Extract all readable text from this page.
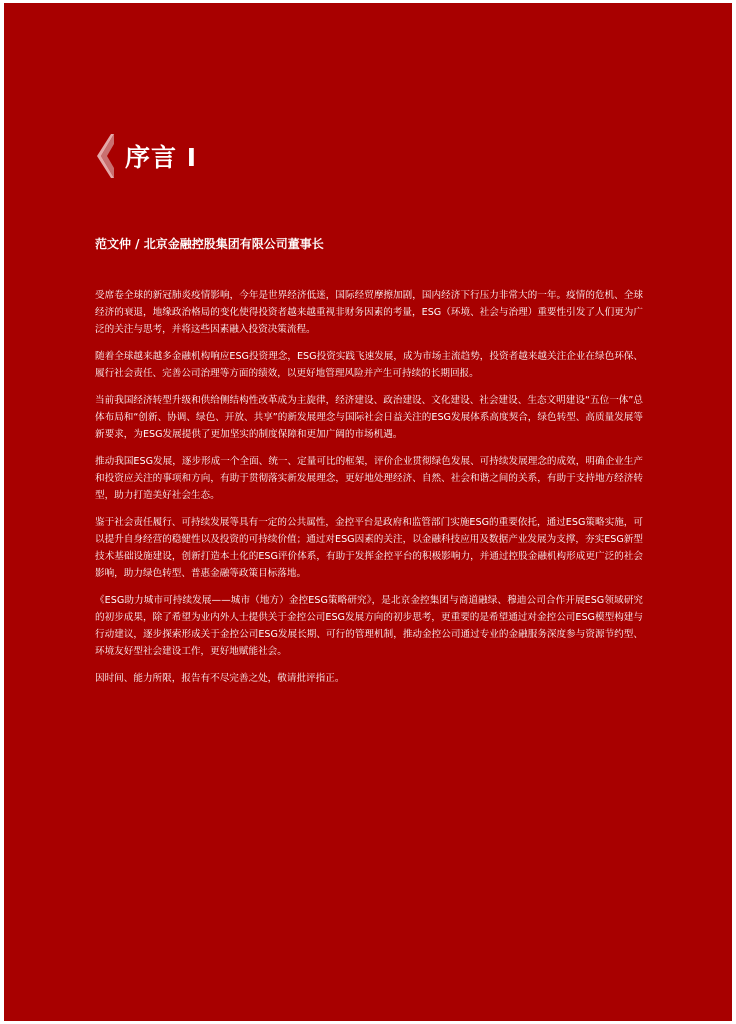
序言 I
范文仲 / 北京金融控股集团有限公司董事长

受席卷全球的新冠肺炎疫情影响，今年是世界经济低迷，国际经贸摩擦加剧，国内经济下行压力非常大的一年。疫情的危机、全球经济的衰退，地缘政治格局的变化使得投资者越来越重视非财务因素的考量，ESG（环境、社会与治理）重要性引发了人们更为广泛的关注与思考，并将这些因素融入投资决策流程。

随着全球越来越多金融机构响应ESG投资理念，ESG投资实践飞速发展，成为市场主流趋势，投资者越来越关注企业在绿色环保、履行社会责任、完善公司治理等方面的绩效，以更好地管理风险并产生可持续的长期回报。

当前我国经济转型升级和供给侧结构性改革成为主旋律，经济建设、政治建设、文化建设、社会建设、生态文明建设“五位一体”总体布局和“创新、协调、绿色、开放、共享”的新发展理念与国际社会日益关注的ESG发展体系高度契合，绿色转型、高质量发展等新要求，为ESG发展提供了更加坚实的制度保障和更加广阔的市场机遇。

推动我国ESG发展，逐步形成一个全面、统一、定量可比的框架，评价企业贯彻绿色发展、可持续发展理念的成效，明确企业生产和投资应关注的事项和方向，有助于贯彻落实新发展理念，更好地处理经济、自然、社会和谐之间的关系，有助于支持地方经济转型，助力打造美好社会生态。

鉴于社会责任履行、可持续发展等具有一定的公共属性，金控平台是政府和监管部门实施ESG的重要依托，通过ESG策略实施，可以提升自身经营的稳健性以及投资的可持续价值；通过对ESG因素的关注，以金融科技应用及数据产业发展为支撑，夯实ESG新型技术基础设施建设，创新打造本土化的ESG评价体系，有助于发挥金控平台的积极影响力，并通过控股金融机构形成更广泛的社会影响，助力绿色转型、普惠金融等政策目标落地。

《ESG助力城市可持续发展——城市（地方）金控ESG策略研究》，是北京金控集团与商道融绿、穆迪公司合作开展ESG领域研究的初步成果，除了希望为业内外人士提供关于金控公司ESG发展方向的初步思考，更重要的是希望通过对金控公司ESG模型构建与行动建议，逐步探索形成关于金控公司ESG发展长期、可行的管理机制，推动金控公司通过专业的金融服务深度参与资源节约型、环境友好型社会建设工作，更好地赋能社会。

因时间、能力所限，报告有不尽完善之处，敬请批评指正。
